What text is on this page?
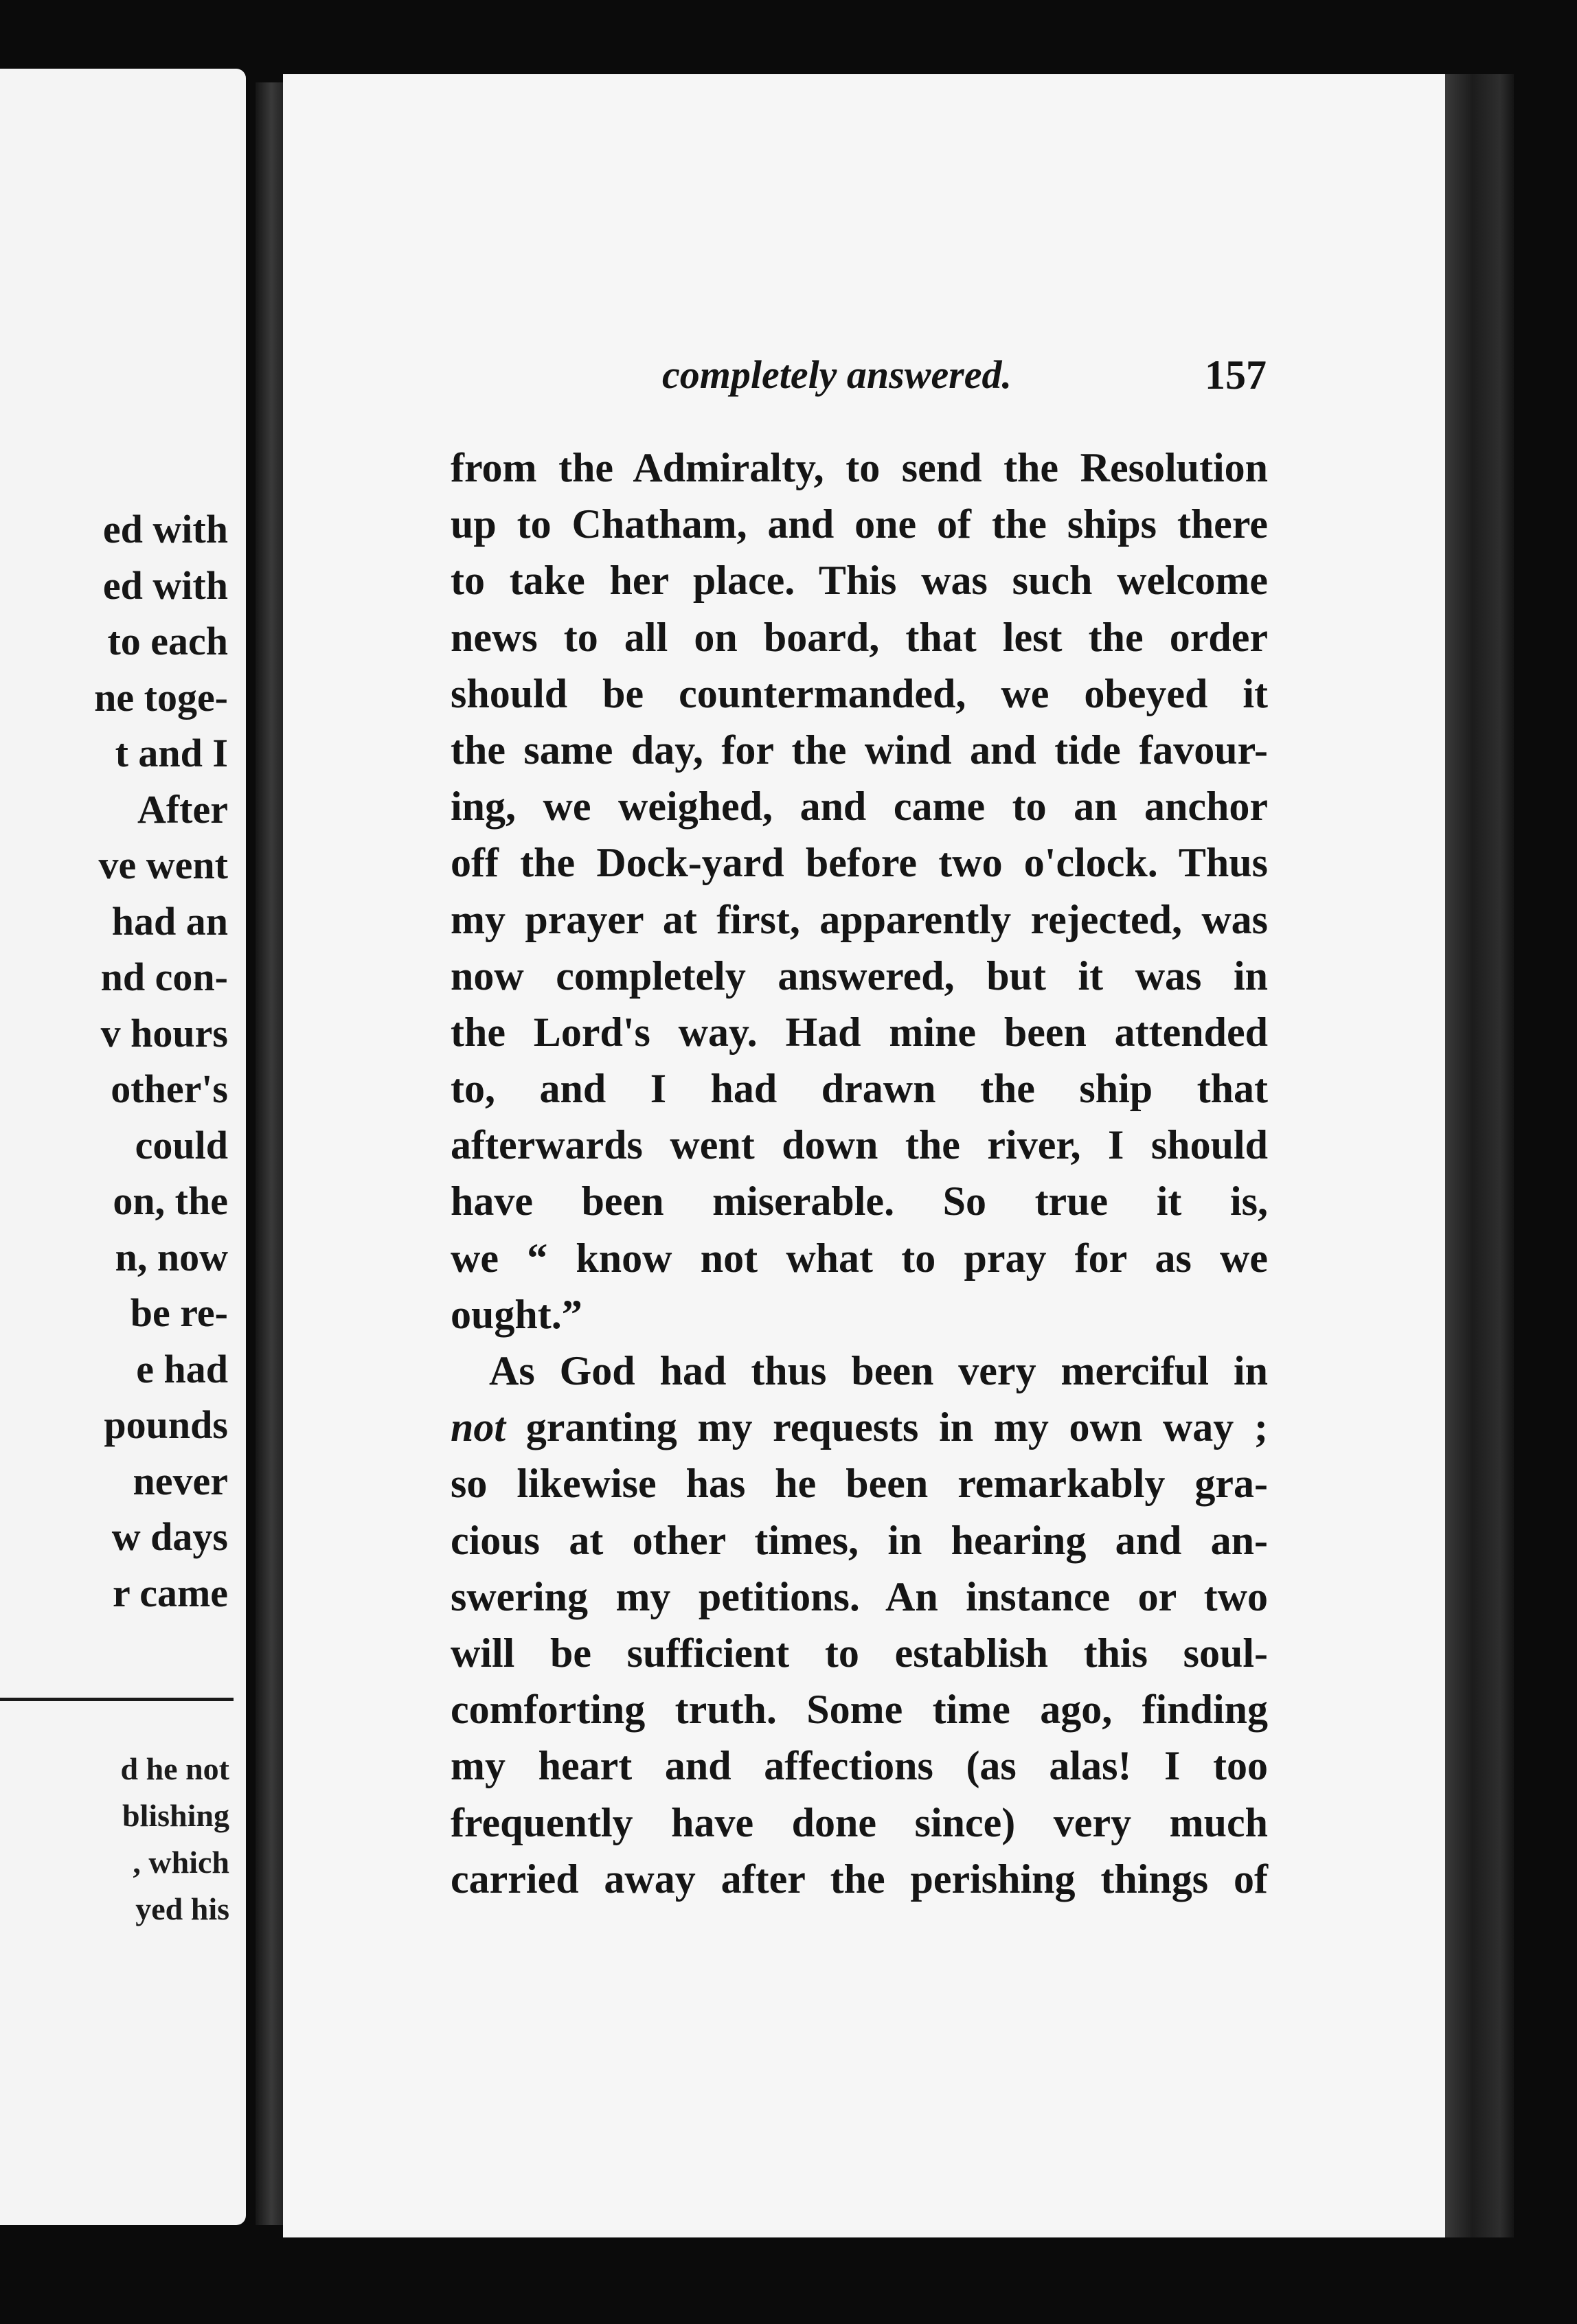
ed with
ed with
to each
ne toge-
t and I
After
ve went
had an
nd con-
v hours
other's
could
on, the
n, now
be re-
e had
pounds
never
w days
r came
d he not
blishing
, which
yed his
completely answered.	157
from the Admiralty, to send the Resolution
up to Chatham, and one of the ships there
to take her place. This was such welcome
news to all on board, that lest the order
should be countermanded, we obeyed it
the same day, for the wind and tide favour-
ing, we weighed, and came to an anchor
off the Dock-yard before two o'clock. Thus
my prayer at first, apparently rejected, was
now completely answered, but it was in
the Lord's way. Had mine been attended
to, and I had drawn the ship that
afterwards went down the river, I should
have been miserable. So true it is,
we “ know not what to pray for as we
ought.”
As God had thus been very merciful in
not granting my requests in my own way ;
so likewise has he been remarkably gra-
cious at other times, in hearing and an-
swering my petitions. An instance or two
will be sufficient to establish this soul-
comforting truth. Some time ago, finding
my heart and affections (as alas! I too
frequently have done since) very much
carried away after the perishing things of
